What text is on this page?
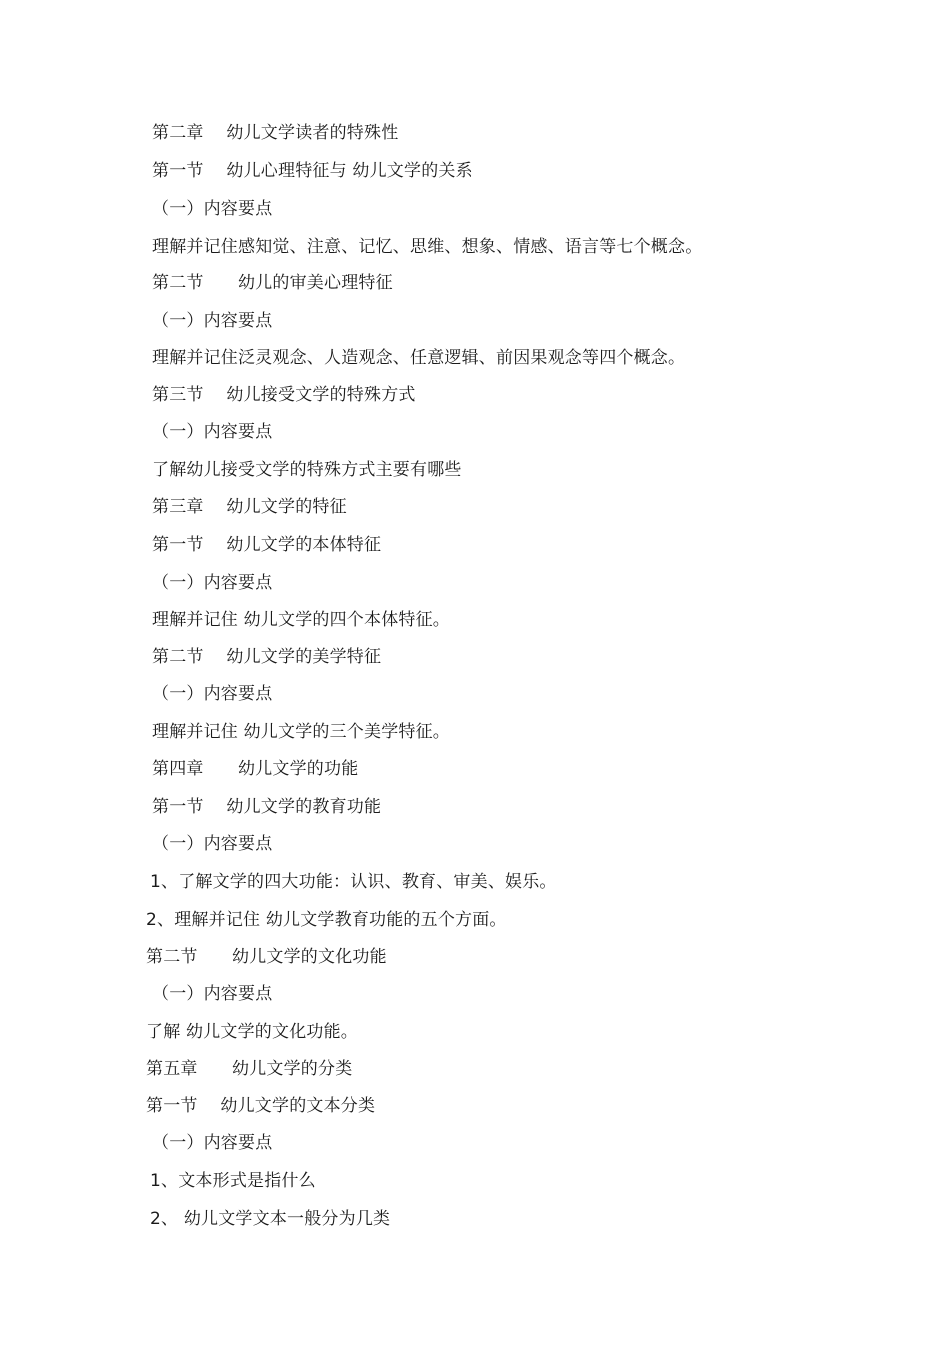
第二章　 幼儿文学读者的特殊性
第一节　 幼儿心理特征与 幼儿文学的关系
（一）内容要点
理解并记住感知觉、注意、记忆、思维、想象、情感、语言等七个概念。
第二节　　幼儿的审美心理特征
（一）内容要点
理解并记住泛灵观念、人造观念、任意逻辑、前因果观念等四个概念。
第三节　 幼儿接受文学的特殊方式
（一）内容要点
了解幼儿接受文学的特殊方式主要有哪些
第三章　 幼儿文学的特征
第一节　 幼儿文学的本体特征
（一）内容要点
理解并记住 幼儿文学的四个本体特征。
第二节　 幼儿文学的美学特征
（一）内容要点
理解并记住 幼儿文学的三个美学特征。
第四章　　幼儿文学的功能
第一节　 幼儿文学的教育功能
（一）内容要点
1、了解文学的四大功能：认识、教育、审美、娱乐。
2、理解并记住 幼儿文学教育功能的五个方面。
第二节　　幼儿文学的文化功能
（一）内容要点
了解 幼儿文学的文化功能。
第五章　　幼儿文学的分类
第一节　 幼儿文学的文本分类
（一）内容要点
1、文本形式是指什么
2、 幼儿文学文本一般分为几类
